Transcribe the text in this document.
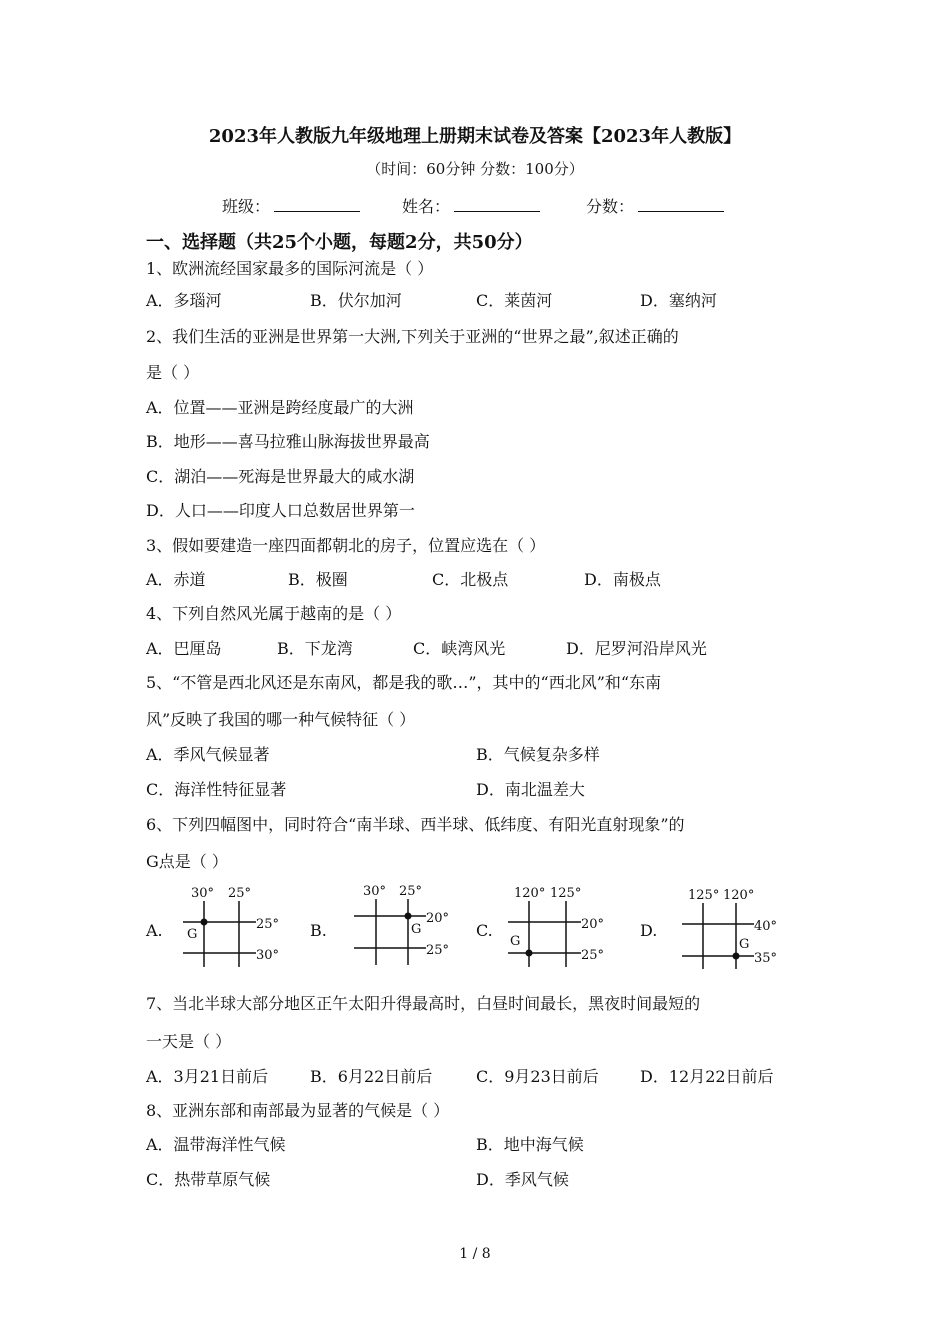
2023年人教版九年级地理上册期末试卷及答案【2023年人教版】
（时间：60分钟 分数：100分）
班级：	姓名：	分数：
一、选择题（共25个小题，每题2分，共50分）
1、欧洲流经国家最多的国际河流是（ ）
A．多瑙河	B．伏尔加河	C．莱茵河	D．塞纳河
2、我们生活的亚洲是世界第一大洲,下列关于亚洲的“世界之最”,叙述正确的
是（ ）
A．位置——亚洲是跨经度最广的大洲
B．地形——喜马拉雅山脉海拔世界最高
C．湖泊——死海是世界最大的咸水湖
D．人口——印度人口总数居世界第一
3、假如要建造一座四面都朝北的房子，位置应选在（ ）
A．赤道	B．极圈	C．北极点	D．南极点
4、下列自然风光属于越南的是（ ）
A．巴厘岛	B．下龙湾	C．峡湾风光	D．尼罗河沿岸风光
5、“不管是西北风还是东南风，都是我的歌…”，其中的“西北风”和“东南
风”反映了我国的哪一种气候特征（ ）
A．季风气候显著	B．气候复杂多样
C．海洋性特征显著	D．南北温差大
6、下列四幅图中，同时符合“南半球、西半球、低纬度、有阳光直射现象”的
G点是（ ）
A.
30° 25°
25°
30°
G	B.
30° 25°
20°
25°
G	C.
120° 125°
20°
25°
G
D.
125° 120°
40°
35°
G
7、当北半球大部分地区正午太阳升得最高时，白昼时间最长，黑夜时间最短的
一天是（ ）
A．3月21日前后	B．6月22日前后	C．9月23日前后	D．12月22日前后
8、亚洲东部和南部最为显著的气候是（ ）
A．温带海洋性气候	B．地中海气候
C．热带草原气候	D．季风气候
1 / 8
